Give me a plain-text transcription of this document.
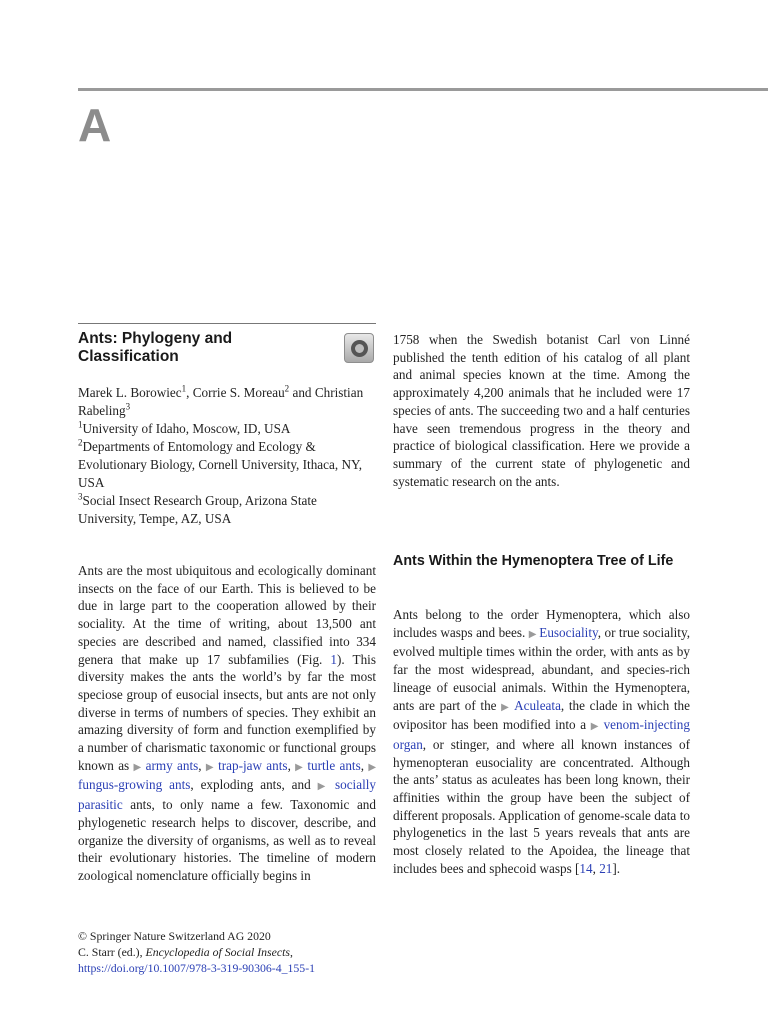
A
Ants: Phylogeny and Classification
Marek L. Borowiec$^1$, Corrie S. Moreau$^2$ and Christian Rabeling$^3$
$^1$University of Idaho, Moscow, ID, USA
$^2$Departments of Entomology and Ecology & Evolutionary Biology, Cornell University, Ithaca, NY, USA
$^3$Social Insect Research Group, Arizona State University, Tempe, AZ, USA

Ants are the most ubiquitous and ecologically dominant insects on the face of our Earth. This is believed to be due in large part to the cooperation allowed by their sociality. At the time of writing, about 13,500 ant species are described and named, classified into 334 genera that make up 17 subfamilies (Fig. 1). This diversity makes the ants the world’s by far the most speciose group of eusocial insects, but ants are not only diverse in terms of numbers of species. They exhibit an amazing diversity of form and function exemplified by a number of charismatic taxonomic or functional groups known as ▶ army ants, ▶ trap-jaw ants, ▶ turtle ants, ▶ fungus-growing ants, exploding ants, and ▶ socially parasitic ants, to only name a few. Taxonomic and phylogenetic research helps to discover, describe, and organize the diversity of organisms, as well as to reveal their evolutionary histories. The timeline of modern zoological nomenclature officially begins in

1758 when the Swedish botanist Carl von Linné published the tenth edition of his catalog of all plant and animal species known at the time. Among the approximately 4,200 animals that he included were 17 species of ants. The succeeding two and a half centuries have seen tremendous progress in the theory and practice of biological classification. Here we provide a summary of the current state of phylogenetic and systematic research on the ants.

Ants Within the Hymenoptera Tree of Life

Ants belong to the order Hymenoptera, which also includes wasps and bees. ▶ Eusociality, or true sociality, evolved multiple times within the order, with ants as by far the most widespread, abundant, and species-rich lineage of eusocial animals. Within the Hymenoptera, ants are part of the ▶ Aculeata, the clade in which the ovipositor has been modified into a ▶ venom-injecting organ, or stinger, and where all known instances of hymenopteran eusociality are concentrated. Although the ants’ status as aculeates has been long known, their affinities within the group have been the subject of different proposals. Application of genome-scale data to phylogenetics in the last 5 years reveals that ants are most closely related to the Apoidea, the lineage that includes bees and sphecoid wasps [14, 21].

© Springer Nature Switzerland AG 2020
C. Starr (ed.), Encyclopedia of Social Insects,
https://doi.org/10.1007/978-3-319-90306-4_155-1
